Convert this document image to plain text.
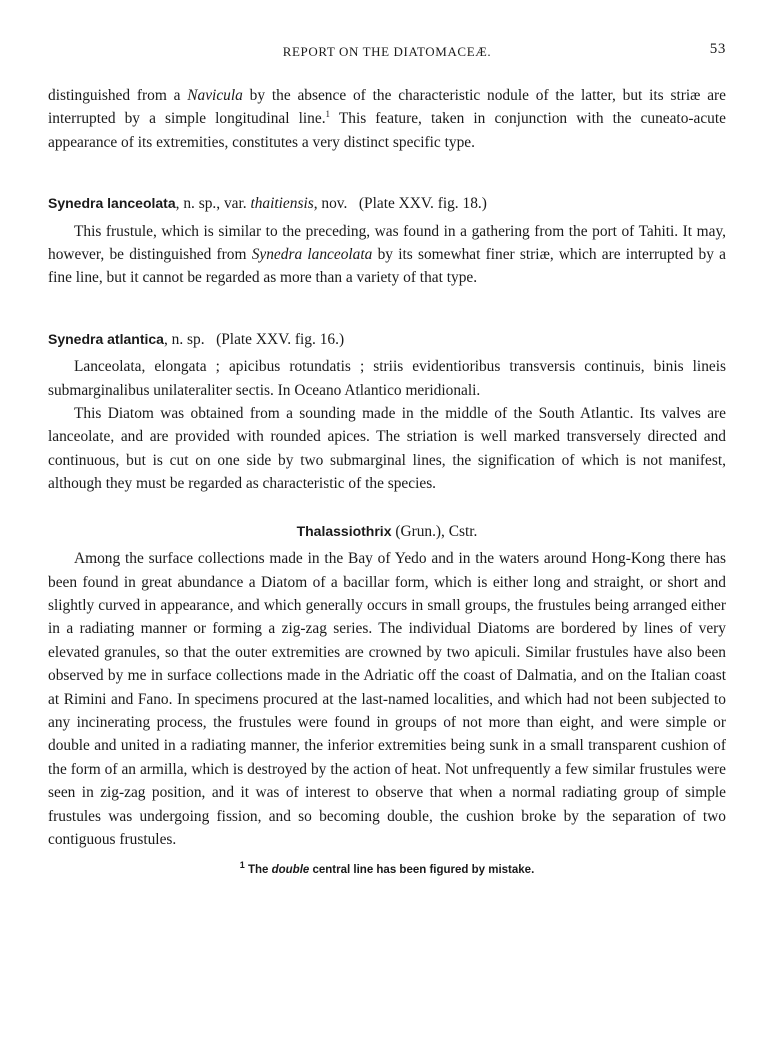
REPORT ON THE DIATOMACEÆ.	53

distinguished from a Navicula by the absence of the characteristic nodule of the latter, but its striæ are interrupted by a simple longitudinal line.$^1$ This feature, taken in conjunction with the cuneato-acute appearance of its extremities, constitutes a very distinct specific type.

Synedra lanceolata, n. sp., var. thaitiensis, nov. (Plate XXV. fig. 18.)

This frustule, which is similar to the preceding, was found in a gathering from the port of Tahiti. It may, however, be distinguished from Synedra lanceolata by its somewhat finer striæ, which are interrupted by a fine line, but it cannot be regarded as more than a variety of that type.

Synedra atlantica, n. sp. (Plate XXV. fig. 16.)

Lanceolata, elongata ; apicibus rotundatis ; striis evidentioribus transversis continuis, binis lineis submarginalibus unilateraliter sectis. In Oceano Atlantico meridionali.

This Diatom was obtained from a sounding made in the middle of the South Atlantic. Its valves are lanceolate, and are provided with rounded apices. The striation is well marked transversely directed and continuous, but is cut on one side by two submarginal lines, the signification of which is not manifest, although they must be regarded as characteristic of the species.

Thalassiothrix (Grun.), Cstr.

Among the surface collections made in the Bay of Yedo and in the waters around Hong-Kong there has been found in great abundance a Diatom of a bacillar form, which is either long and straight, or short and slightly curved in appearance, and which generally occurs in small groups, the frustules being arranged either in a radiating manner or forming a zig-zag series. The individual Diatoms are bordered by lines of very elevated granules, so that the outer extremities are crowned by two apiculi. Similar frustules have also been observed by me in surface collections made in the Adriatic off the coast of Dalmatia, and on the Italian coast at Rimini and Fano. In specimens procured at the last-named localities, and which had not been subjected to any incinerating process, the frustules were found in groups of not more than eight, and were simple or double and united in a radiating manner, the inferior extremities being sunk in a small transparent cushion of the form of an armilla, which is destroyed by the action of heat. Not unfrequently a few similar frustules were seen in zig-zag position, and it was of interest to observe that when a normal radiating group of simple frustules was undergoing fission, and so becoming double, the cushion broke by the separation of two contiguous frustules.

$^1$ The double central line has been figured by mistake.
